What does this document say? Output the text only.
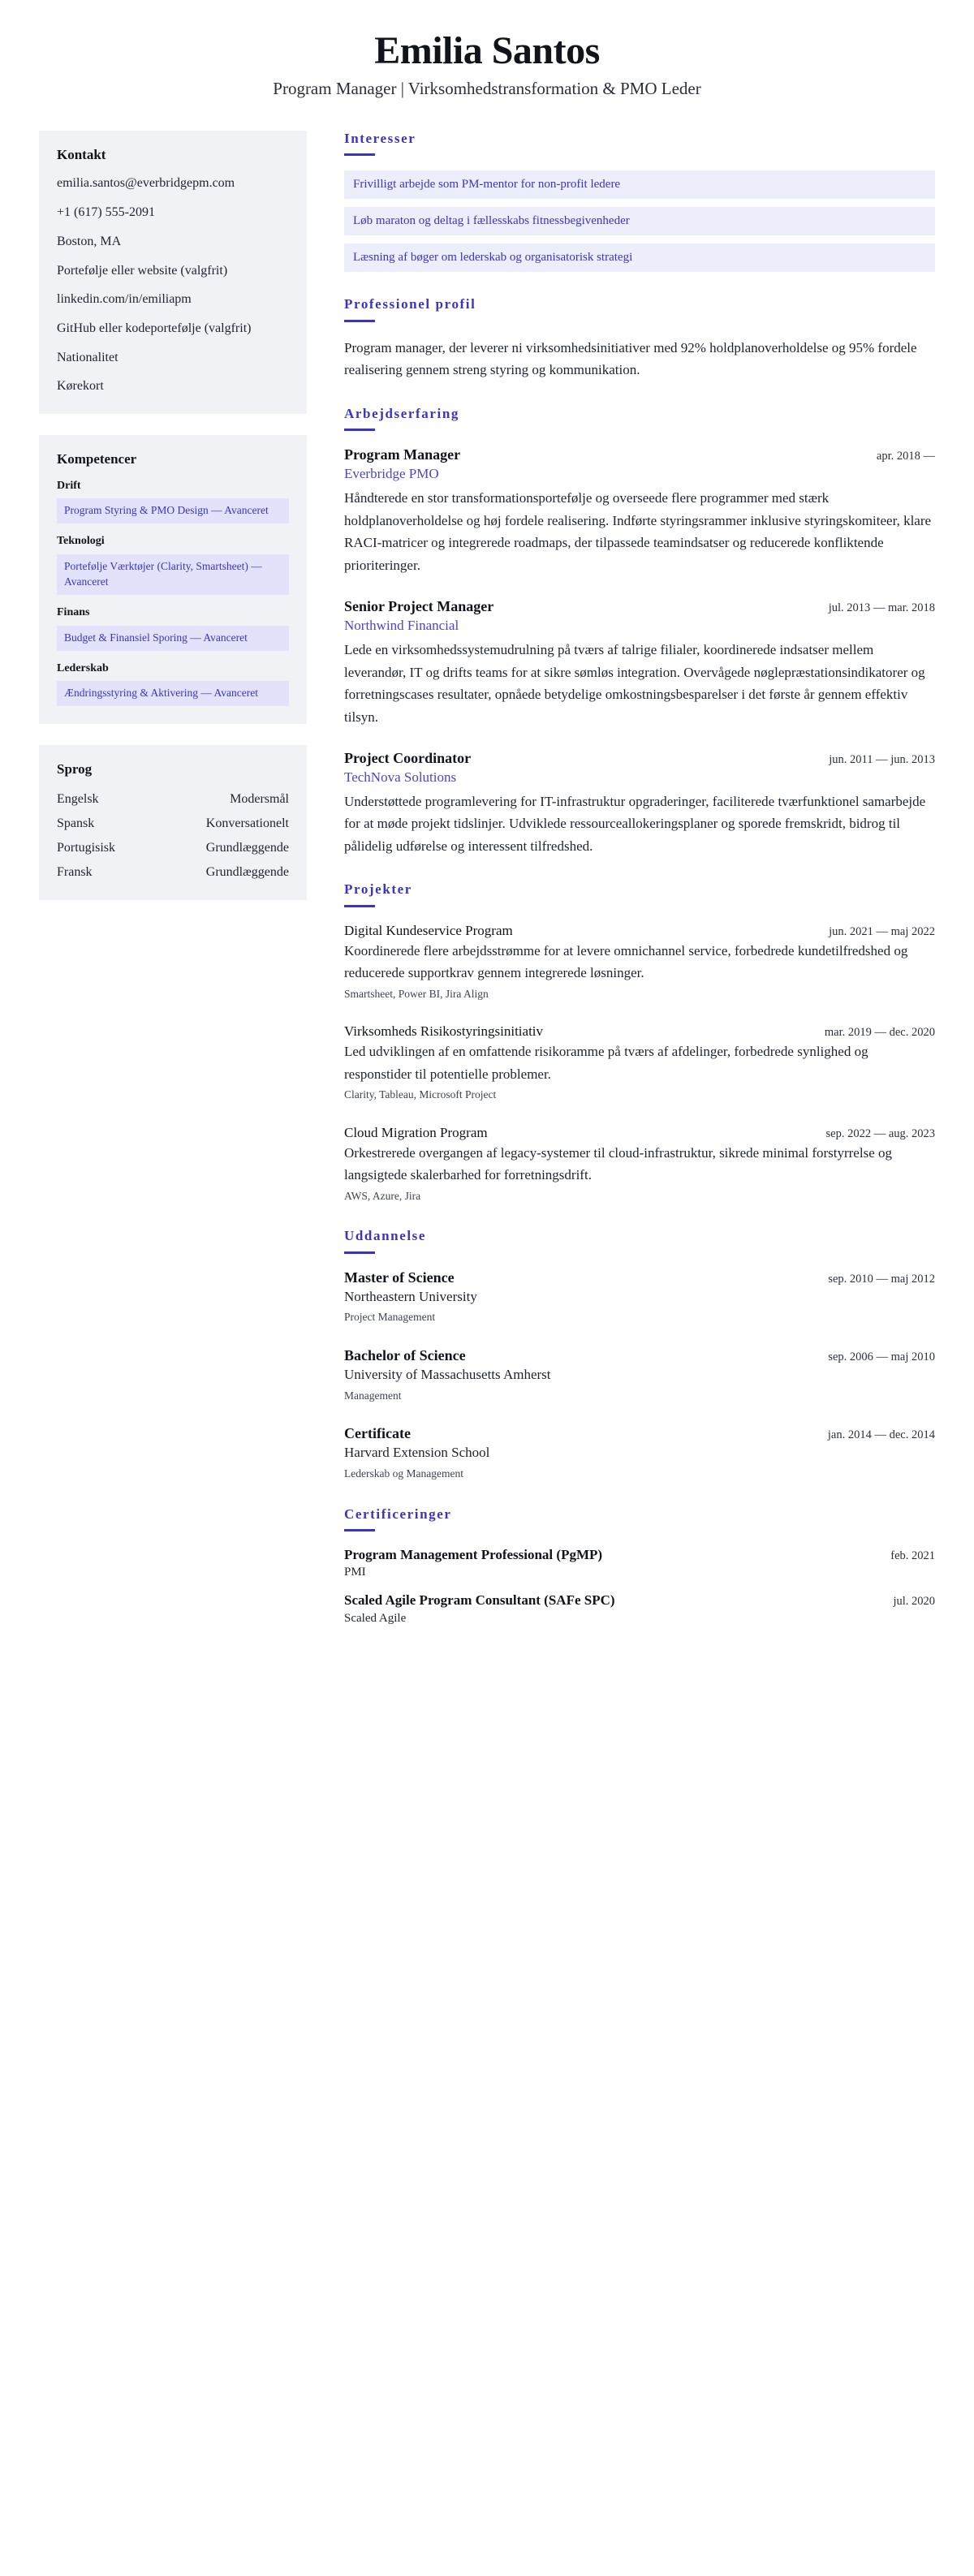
Emilia Santos

Program Manager | Virksomhedstransformation & PMO Leder

Kontakt
emilia.santos@everbridgepm.com
+1 (617) 555-2091
Boston, MA
Portefølje eller website (valgfrit)
linkedin.com/in/emiliapm
GitHub eller kodeportefølje (valgfrit)
Nationalitet
Kørekort
Kompetencer
Drift
Program Styring & PMO Design — Avanceret
Teknologi
Portefølje Værktøjer (Clarity, Smartsheet) — Avanceret
Finans
Budget & Finansiel Sporing — Avanceret
Lederskab
Ændringsstyring & Aktivering — Avanceret
Sprog
Engelsk	Modersmål
Spansk	Konversationelt
Portugisisk	Grundlæggende
Fransk	Grundlæggende
Interesser
Frivilligt arbejde som PM-mentor for non-profit ledere
Løb maraton og deltag i fællesskabs fitnessbegivenheder
Læsning af bøger om lederskab og organisatorisk strategi
Professionel profil

Program manager, der leverer ni virksomhedsinitiativer med 92% holdplanoverholdelse og 95% fordele realisering gennem streng styring og kommunikation.

Arbejdserfaring
Program Manager	apr. 2018 —
Everbridge PMO

Håndterede en stor transformationsportefølje og overseede flere programmer med stærk holdplanoverholdelse og høj fordele realisering. Indførte styringsrammer inklusive styringskomiteer, klare RACI-matricer og integrerede roadmaps, der tilpassede teamindsatser og reducerede konfliktende prioriteringer.

Senior Project Manager	jul. 2013 — mar. 2018
Northwind Financial

Lede en virksomhedssystemudrulning på tværs af talrige filialer, koordinerede indsatser mellem leverandør, IT og drifts teams for at sikre sømløs integration. Overvågede nøglepræstationsindikatorer og forretningscases resultater, opnåede betydelige omkostningsbesparelser i det første år gennem effektiv tilsyn.

Project Coordinator	jun. 2011 — jun. 2013
TechNova Solutions

Understøttede programlevering for IT-infrastruktur opgraderinger, faciliterede tværfunktionel samarbejde for at møde projekt tidslinjer. Udviklede ressourceallokeringsplaner og sporede fremskridt, bidrog til pålidelig udførelse og interessent tilfredshed.

Projekter
Digital Kundeservice Program	jun. 2021 — maj 2022

Koordinerede flere arbejdsstrømme for at levere omnichannel service, forbedrede kundetilfredshed og reducerede supportkrav gennem integrerede løsninger.

Smartsheet, Power BI, Jira Align

Virksomheds Risikostyringsinitiativ	mar. 2019 — dec. 2020

Led udviklingen af en omfattende risikoramme på tværs af afdelinger, forbedrede synlighed og responstider til potentielle problemer.

Clarity, Tableau, Microsoft Project

Cloud Migration Program	sep. 2022 — aug. 2023

Orkestrerede overgangen af legacy-systemer til cloud-infrastruktur, sikrede minimal forstyrrelse og langsigtede skalerbarhed for forretningsdrift.

AWS, Azure, Jira

Uddannelse
Master of Science	sep. 2010 — maj 2012
Northeastern University

Project Management

Bachelor of Science	sep. 2006 — maj 2010
University of Massachusetts Amherst

Management

Certificate	jan. 2014 — dec. 2014
Harvard Extension School

Lederskab og Management

Certificeringer
Program Management Professional (PgMP)	feb. 2021

PMI

Scaled Agile Program Consultant (SAFe SPC)	jul. 2020

Scaled Agile
